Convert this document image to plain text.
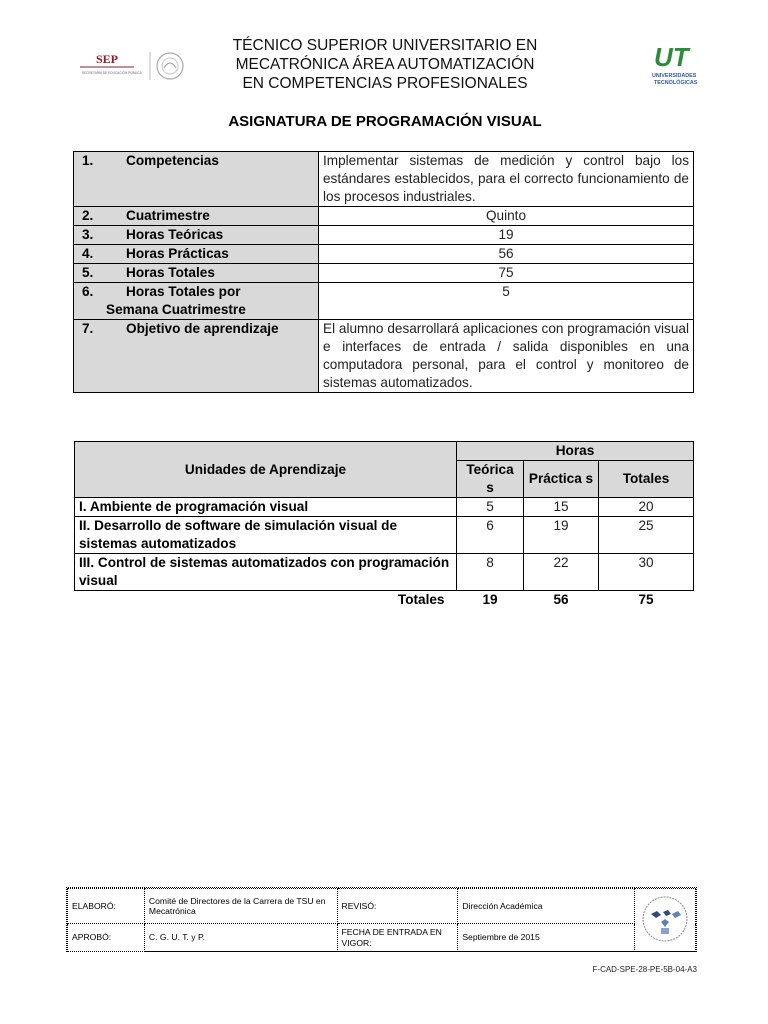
SEP
SECRETARÍA DE EDUCACIÓN PÚBLICA
TÉCNICO SUPERIOR UNIVERSITARIO EN
MECATRÓNICA ÁREA AUTOMATIZACIÓN
EN COMPETENCIAS PROFESIONALES
UT
UNIVERSIDADES
TECNOLÓGICAS
ASIGNATURA DE PROGRAMACIÓN VISUAL
1. Competencias	Implementar sistemas de medición y control bajo los estándares establecidos, para el correcto funcionamiento de los procesos industriales.
2. Cuatrimestre	Quinto
3. Horas Teóricas	19
4. Horas Prácticas	56
5. Horas Totales	75
6. Horas Totales por
Semana Cuatrimestre	5
7. Objetivo de aprendizaje	El alumno desarrollará aplicaciones con programación visual e interfaces de entrada / salida disponibles en una computadora personal, para el control y monitoreo de sistemas automatizados.
Unidades de Aprendizaje	Horas		
	Teórica s	Práctica s	Totales
I. Ambiente de programación visual	5	15	20
II. Desarrollo de software de simulación visual de sistemas automatizados	6	19	25
III. Control de sistemas automatizados con programación visual	8	22	30
Totales	19	56	75
ELABORÓ:	Comité de Directores de la Carrera de TSU en Mecatrónica	REVISÓ:	Dirección Académica	
APROBÓ:	C. G. U. T. y P.	FECHA DE ENTRADA EN VIGOR:	Septiembre de 2015	
F-CAD-SPE-28-PE-5B-04-A3
